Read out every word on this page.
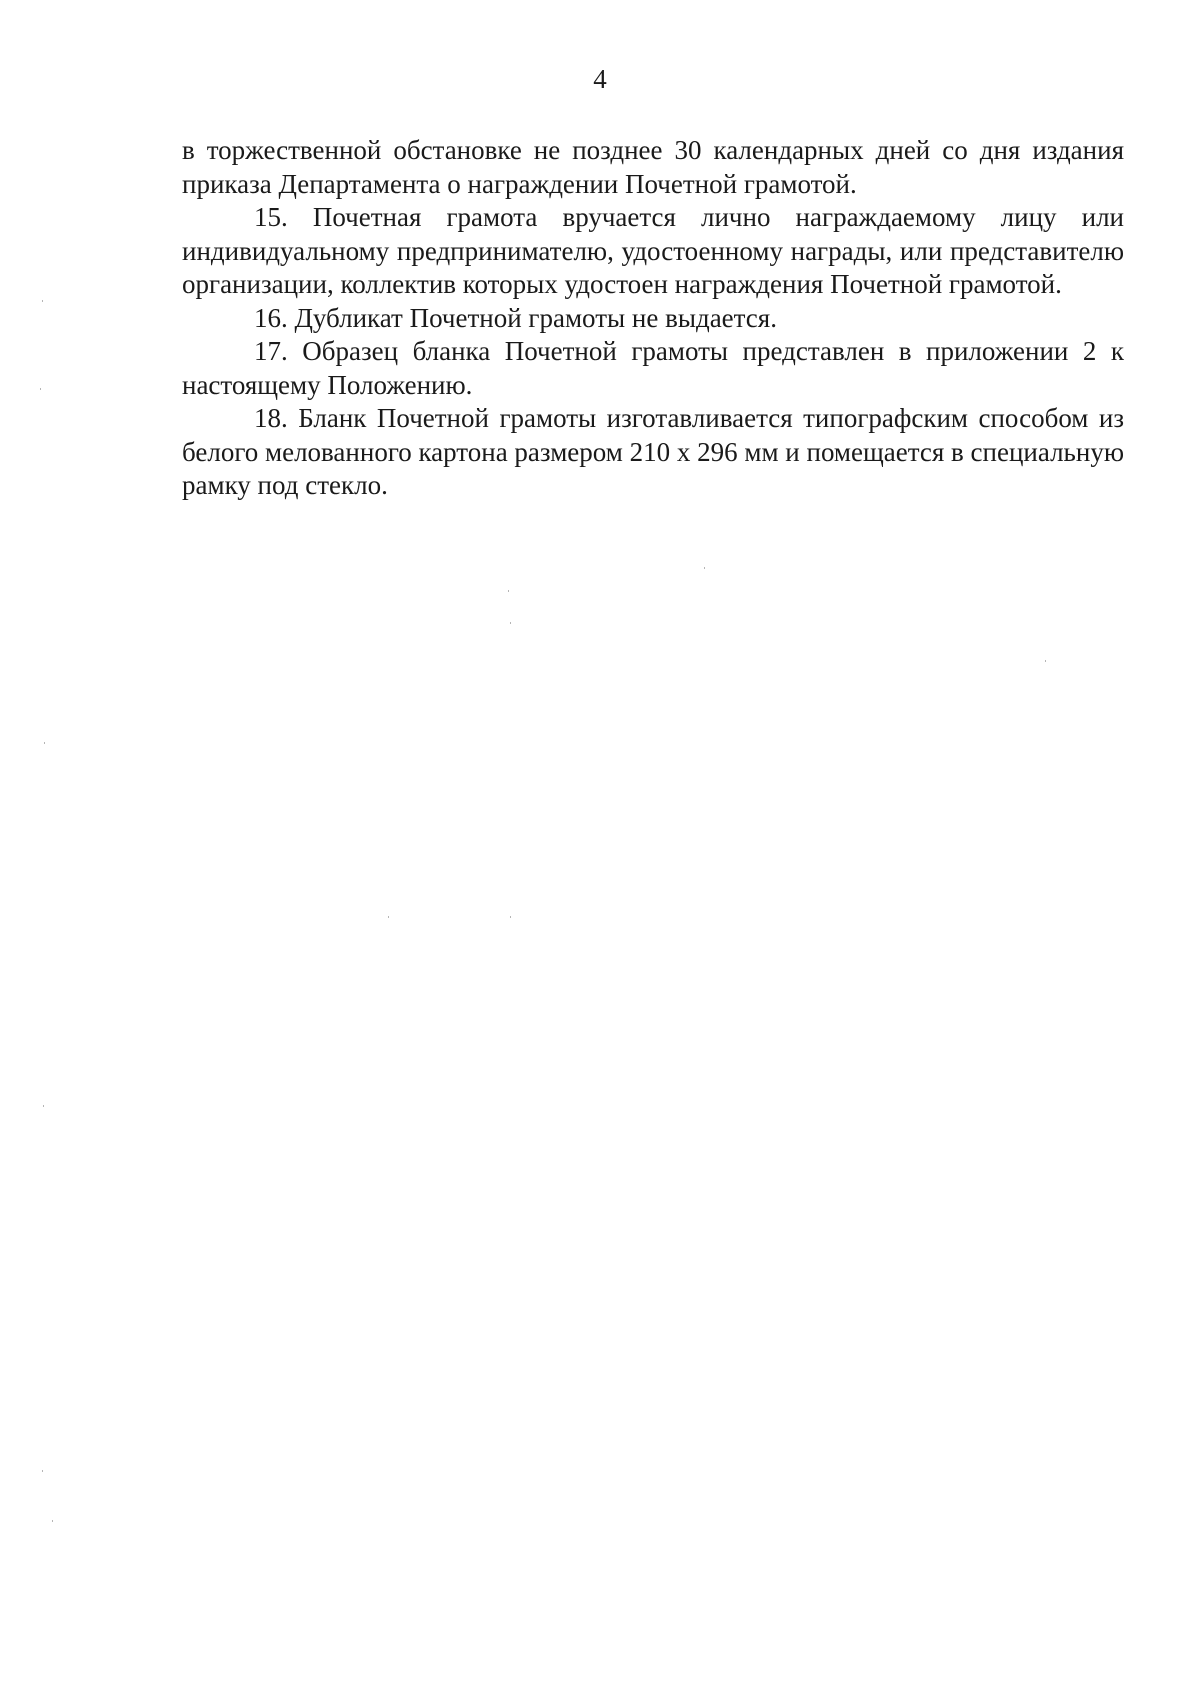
4

в торжественной обстановке не позднее 30 календарных дней со дня издания приказа Департамента о награждении Почетной грамотой.

15. Почетная грамота вручается лично награждаемому лицу или индивидуальному предпринимателю, удостоенному награды, или представителю организации, коллектив которых удостоен награждения Почетной грамотой.

16. Дубликат Почетной грамоты не выдается.

17. Образец бланка Почетной грамоты представлен в приложении 2 к настоящему Положению.

18. Бланк Почетной грамоты изготавливается типографским способом из белого мелованного картона размером 210 х 296 мм и помещается в специальную рамку под стекло.
